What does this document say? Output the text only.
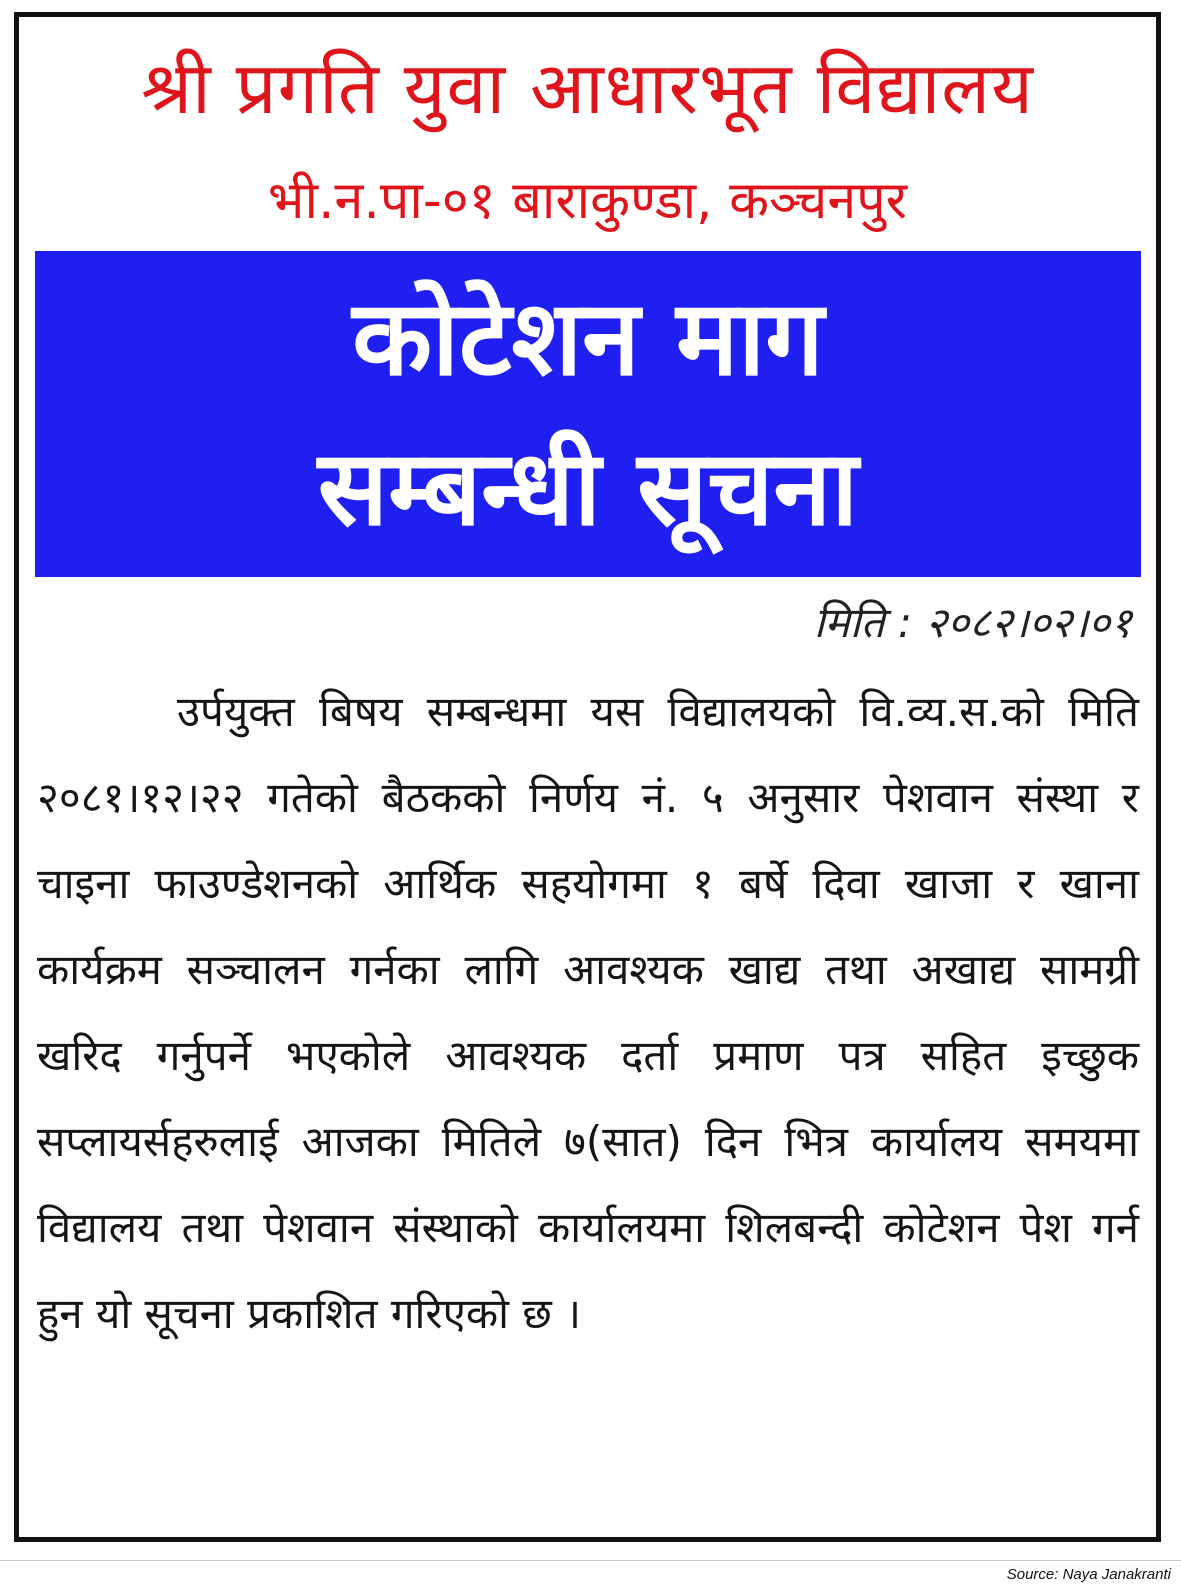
श्री प्रगति युवा आधारभूत विद्यालय
भी.न.पा-०१ बाराकुण्डा, कञ्चनपुर
कोटेशन माग
सम्बन्धी सूचना
मिति : २०८२।०२।०१

उर्पयुक्त बिषय सम्बन्धमा यस विद्यालयको वि.व्य.स.को मिति २०८१।१२।२२ गतेको बैठकको निर्णय नं. ५ अनुसार पेशवान संस्था र चाइना फाउण्डेशनको आर्थिक सहयोगमा १ बर्षे दिवा खाजा र खाना कार्यक्रम सञ्चालन गर्नका लागि आवश्यक खाद्य तथा अखाद्य सामग्री खरिद गर्नुपर्ने भएकोले आवश्यक दर्ता प्रमाण पत्र सहित इच्छुक सप्लायर्सहरुलाई आजका मितिले ७(सात) दिन भित्र कार्यालय समयमा विद्यालय तथा पेशवान संस्थाको कार्यालयमा शिलबन्दी कोटेशन पेश गर्न हुन यो सूचना प्रकाशित गरिएको छ ।

Source: Naya Janakranti
